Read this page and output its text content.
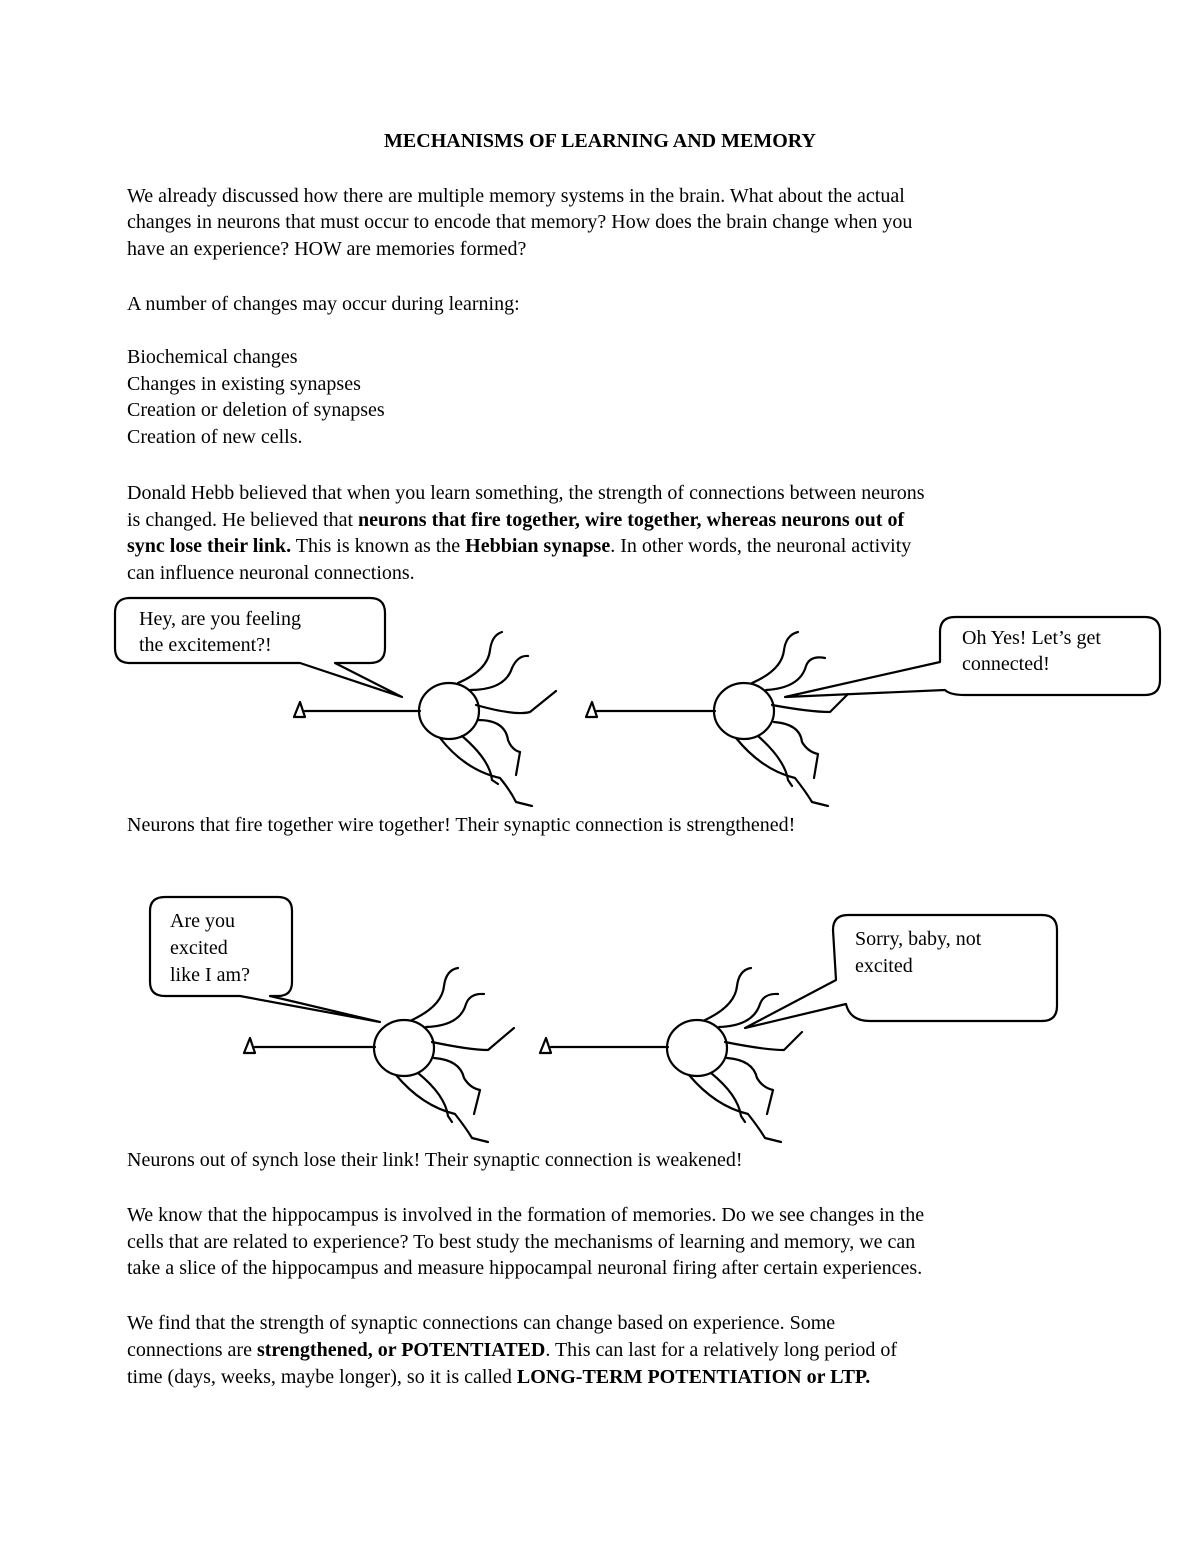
MECHANISMS OF LEARNING AND MEMORY

We already discussed how there are multiple memory systems in the brain. What about the actual

changes in neurons that must occur to encode that memory? How does the brain change when you

have an experience? HOW are memories formed?

A number of changes may occur during learning:

Biochemical changes

Changes in existing synapses

Creation or deletion of synapses

Creation of new cells.

Donald Hebb believed that when you learn something, the strength of connections between neurons

is changed. He believed that neurons that fire together, wire together, whereas neurons out of

sync lose their link. This is known as the Hebbian synapse. In other words, the neuronal activity

can influence neuronal connections.

Hey, are you feeling
the excitement?!	Oh Yes! Let’s get
connected!

Neurons that fire together wire together! Their synaptic connection is strengthened!

Are you
excited
like I am?
Sorry, baby, not
excited

Neurons out of synch lose their link! Their synaptic connection is weakened!

We know that the hippocampus is involved in the formation of memories. Do we see changes in the

cells that are related to experience? To best study the mechanisms of learning and memory, we can

take a slice of the hippocampus and measure hippocampal neuronal firing after certain experiences.

We find that the strength of synaptic connections can change based on experience. Some

connections are strengthened, or POTENTIATED. This can last for a relatively long period of

time (days, weeks, maybe longer), so it is called LONG-TERM POTENTIATION or LTP.
